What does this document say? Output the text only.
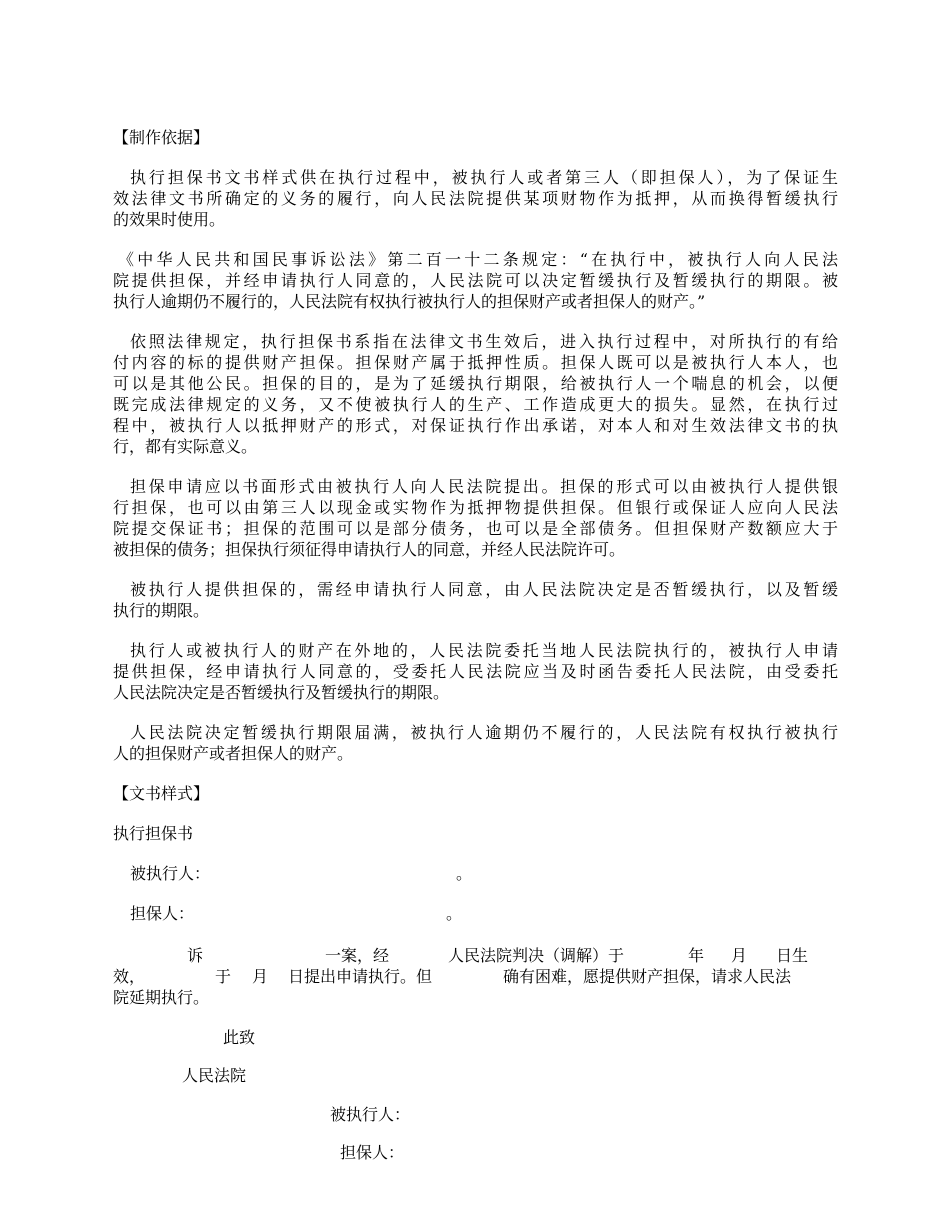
【制作依据】
执行担保书文书样式供在执行过程中，被执行人或者第三人（即担保人），为了保证生
效法律文书所确定的义务的履行，向人民法院提供某项财物作为抵押，从而换得暂缓执行
的效果时使用。
《中华人民共和国民事诉讼法》第二百一十二条规定：“在执行中，被执行人向人民法
院提供担保，并经申请执行人同意的，人民法院可以决定暂缓执行及暂缓执行的期限。被
执行人逾期仍不履行的，人民法院有权执行被执行人的担保财产或者担保人的财产。”
依照法律规定，执行担保书系指在法律文书生效后，进入执行过程中，对所执行的有给
付内容的标的提供财产担保。担保财产属于抵押性质。担保人既可以是被执行人本人，也
可以是其他公民。担保的目的，是为了延缓执行期限，给被执行人一个喘息的机会，以便
既完成法律规定的义务，又不使被执行人的生产、工作造成更大的损失。显然，在执行过
程中，被执行人以抵押财产的形式，对保证执行作出承诺，对本人和对生效法律文书的执
行，都有实际意义。
担保申请应以书面形式由被执行人向人民法院提出。担保的形式可以由被执行人提供银
行担保，也可以由第三人以现金或实物作为抵押物提供担保。但银行或保证人应向人民法
院提交保证书；担保的范围可以是部分债务，也可以是全部债务。但担保财产数额应大于
被担保的债务；担保执行须征得申请执行人的同意，并经人民法院许可。
被执行人提供担保的，需经申请执行人同意，由人民法院决定是否暂缓执行，以及暂缓
执行的期限。
执行人或被执行人的财产在外地的，人民法院委托当地人民法院执行的，被执行人申请
提供担保，经申请执行人同意的，受委托人民法院应当及时函告委托人民法院，由受委托
人民法院决定是否暂缓执行及暂缓执行的期限。
人民法院决定暂缓执行期限届满，被执行人逾期仍不履行的，人民法院有权执行被执行
人的担保财产或者担保人的财产。
【文书样式】
执行担保书
被执行人：	。
担保人：	。
诉	一案，经	人民法院判决（调解）于	年 月 日生
效，	于 月 日提出申请执行。但	确有困难，愿提供财产担保，请求人民法
院延期执行。
此致
人民法院
被执行人：
担保人：
